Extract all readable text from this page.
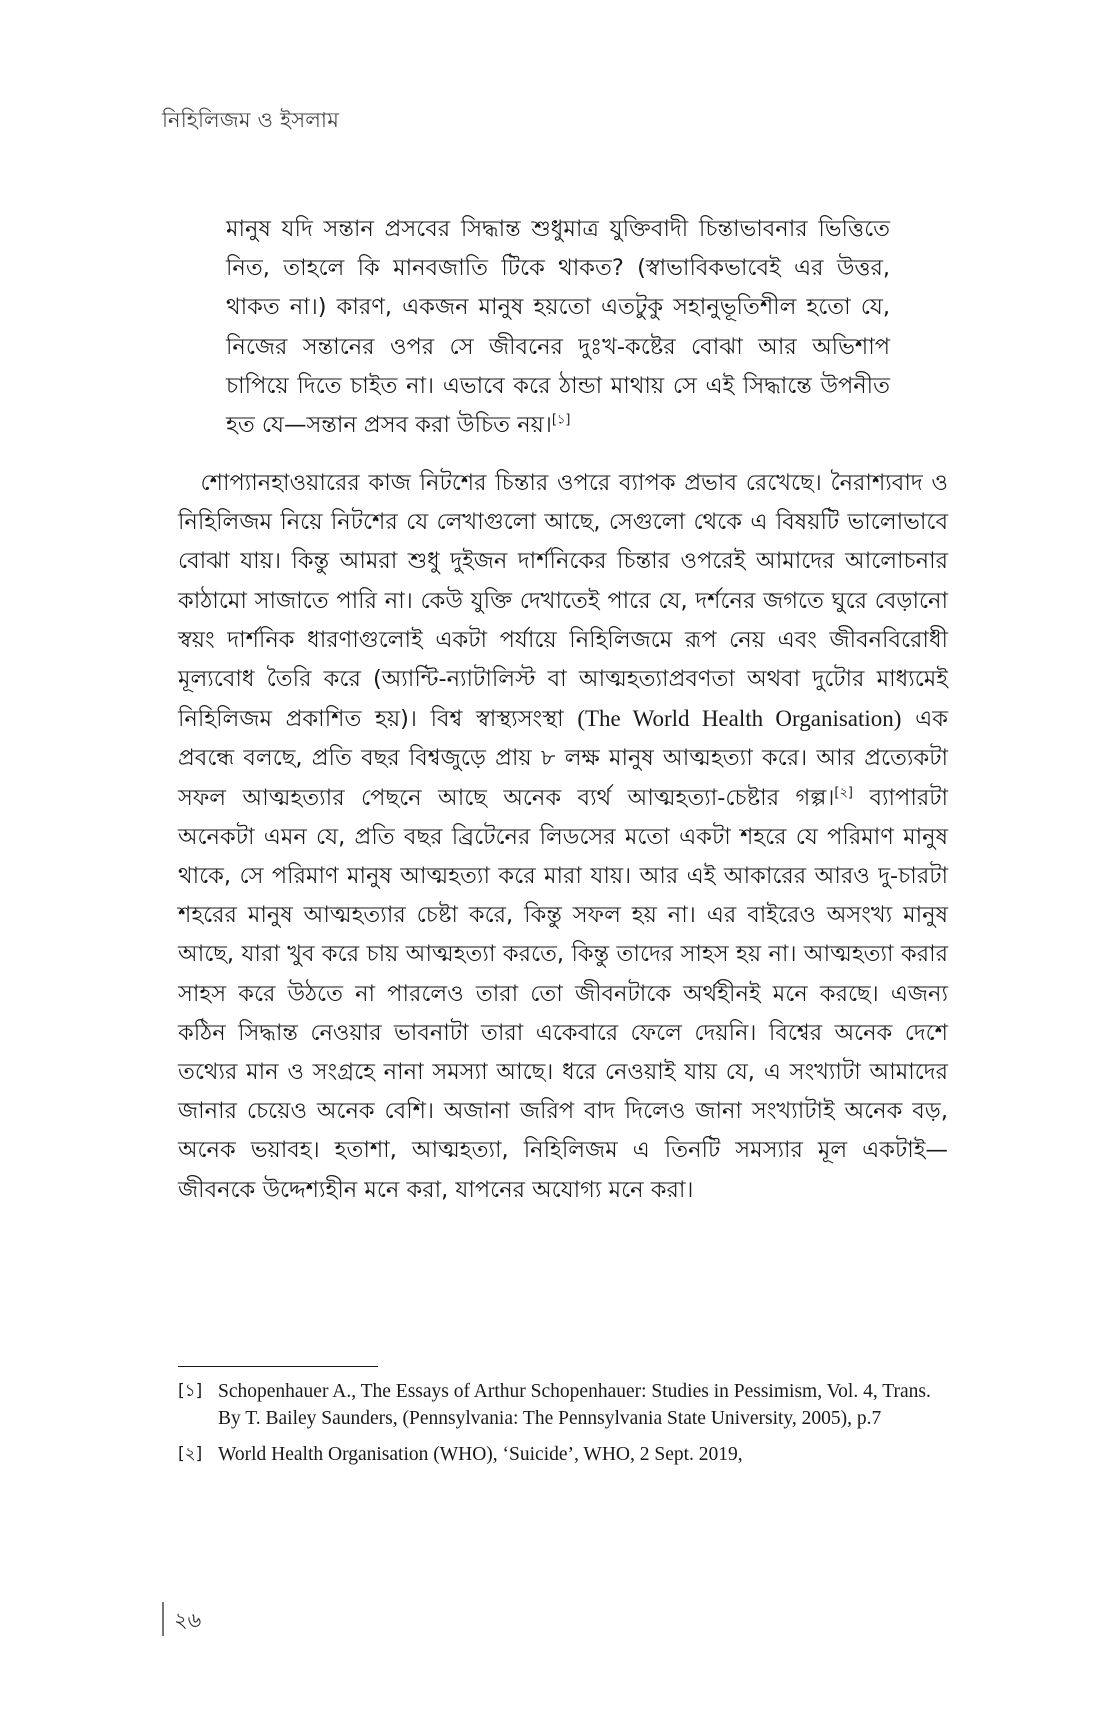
নিহিলিজম ও ইসলাম

মানুষ যদি সন্তান প্রসবের সিদ্ধান্ত শুধুমাত্র যুক্তিবাদী চিন্তাভাবনার ভিত্তিতে নিত, তাহলে কি মানবজাতি টিকে থাকত? (স্বাভাবিকভাবেই এর উত্তর, থাকত না।) কারণ, একজন মানুষ হয়তো এতটুকু সহানুভূতিশীল হতো যে, নিজের সন্তানের ওপর সে জীবনের দুঃখ-কষ্টের বোঝা আর অভিশাপ চাপিয়ে দিতে চাইত না। এভাবে করে ঠান্ডা মাথায় সে এই সিদ্ধান্তে উপনীত হত যে—সন্তান প্রসব করা উচিত নয়।[১]

 শোপ্যানহাওয়ারের কাজ নিটশের চিন্তার ওপরে ব্যাপক প্রভাব রেখেছে। নৈরাশ্যবাদ ও নিহিলিজম নিয়ে নিটশের যে লেখাগুলো আছে, সেগুলো থেকে এ বিষয়টি ভালোভাবে বোঝা যায়। কিন্তু আমরা শুধু দুইজন দার্শনিকের চিন্তার ওপরেই আমাদের আলোচনার কাঠামো সাজাতে পারি না। কেউ যুক্তি দেখাতেই পারে যে, দর্শনের জগতে ঘুরে বেড়ানো স্বয়ং দার্শনিক ধারণাগুলোই একটা পর্যায়ে নিহিলিজমে রূপ নেয় এবং জীবনবিরোধী মূল্যবোধ তৈরি করে (অ্যান্টি-ন্যাটালিস্ট বা আত্মহত্যাপ্রবণতা অথবা দুটোর মাধ্যমেই নিহিলিজম প্রকাশিত হয়)। বিশ্ব স্বাস্থ্যসংস্থা (The World Health Organisation) এক প্রবন্ধে বলছে, প্রতি বছর বিশ্বজুড়ে প্রায় ৮ লক্ষ মানুষ আত্মহত্যা করে। আর প্রত্যেকটা সফল আত্মহত্যার পেছনে আছে অনেক ব্যর্থ আত্মহত্যা-চেষ্টার গল্প।[২] ব্যাপারটা অনেকটা এমন যে, প্রতি বছর ব্রিটেনের লিডসের মতো একটা শহরে যে পরিমাণ মানুষ থাকে, সে পরিমাণ মানুষ আত্মহত্যা করে মারা যায়। আর এই আকারের আরও দু-চারটা শহরের মানুষ আত্মহত্যার চেষ্টা করে, কিন্তু সফল হয় না। এর বাইরেও অসংখ্য মানুষ আছে, যারা খুব করে চায় আত্মহত্যা করতে, কিন্তু তাদের সাহস হয় না। আত্মহত্যা করার সাহস করে উঠতে না পারলেও তারা তো জীবনটাকে অর্থহীনই মনে করছে। এজন্য কঠিন সিদ্ধান্ত নেওয়ার ভাবনাটা তারা একেবারে ফেলে দেয়নি। বিশ্বের অনেক দেশে তথ্যের মান ও সংগ্রহে নানা সমস্যা আছে। ধরে নেওয়াই যায় যে, এ সংখ্যাটা আমাদের জানার চেয়েও অনেক বেশি। অজানা জরিপ বাদ দিলেও জানা সংখ্যাটাই অনেক বড়, অনেক ভয়াবহ। হতাশা, আত্মহত্যা, নিহিলিজম এ তিনটি সমস্যার মূল একটাই—জীবনকে উদ্দেশ্যহীন মনে করা, যাপনের অযোগ্য মনে করা।

[১] Schopenhauer A., The Essays of Arthur Schopenhauer: Studies in Pessimism, Vol. 4, Trans. By T. Bailey Saunders, (Pennsylvania: The Pennsylvania State University, 2005), p.7
[২] World Health Organisation (WHO), ‘Suicide’, WHO, 2 Sept. 2019,
২৬
